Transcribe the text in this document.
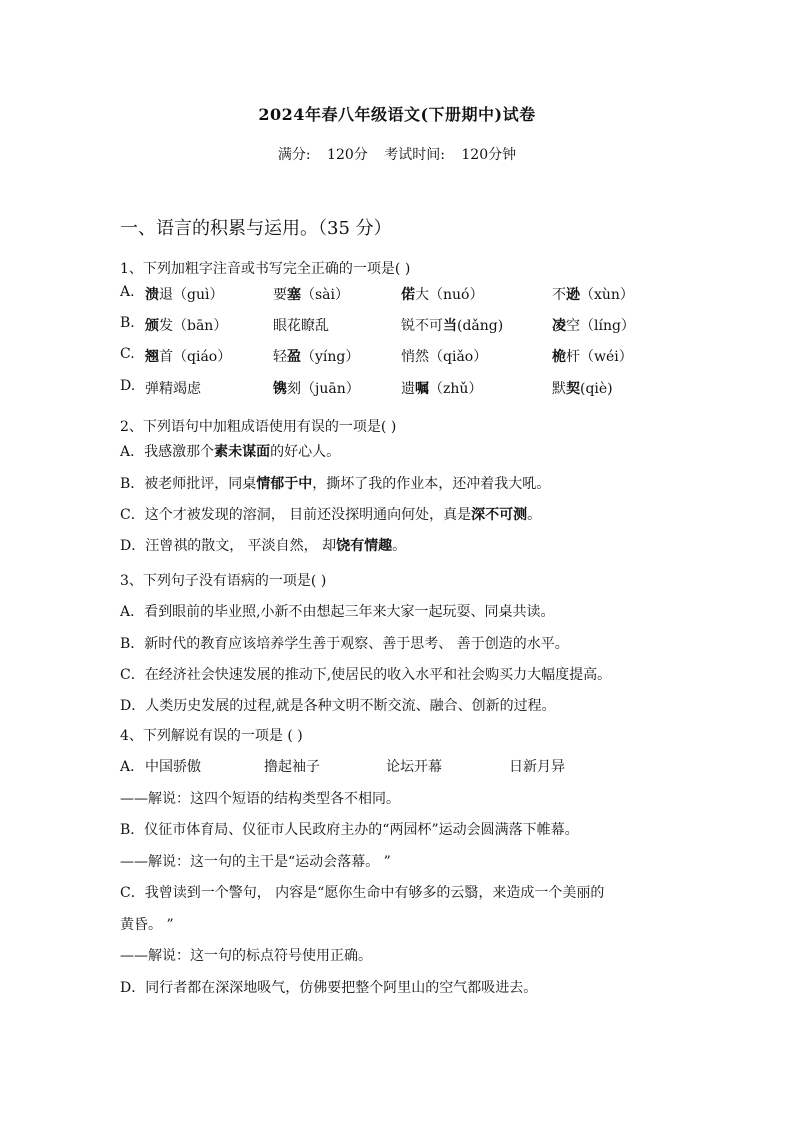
2024年春八年级语文(下册期中)试卷
满分: 120分 考试时间: 120分钟
一、语言的积累与运用。（35 分）
1、下列加粗字注音或书写完全正确的一项是( )
A. 溃退（guì）	要塞（sài）	偌大（nuó）	不逊（xùn）
B. 颁发（bān）	眼花瞭乱	锐不可当(dǎng)	凌空（líng）
C. 翘首（qiáo）	轻盈（yíng）	悄然（qiǎo）	桅杆（wéi）
D. 弹精竭虑	镌刻（juān）	遗嘱（zhǔ）	默契(qiè)
2、下列语句中加粗成语使用有误的一项是( )
A．我感激那个素未谋面的好心人。
B．被老师批评，同桌情郁于中，撕坏了我的作业本，还冲着我大吼。
C．这个才被发现的溶洞， 目前还没探明通向何处，真是深不可测。
D．汪曾祺的散文， 平淡自然， 却饶有情趣。
3、下列句子没有语病的一项是( )
A．看到眼前的毕业照,小新不由想起三年来大家一起玩耍、同桌共读。
B．新时代的教育应该培养学生善于观察、善于思考、 善于创造的水平。
C．在经济社会快速发展的推动下,使居民的收入水平和社会购买力大幅度提高。
D．人类历史发展的过程,就是各种文明不断交流、融合、创新的过程。
4、下列解说有误的一项是 ( )
A． 中国骄傲	撸起袖子	论坛开幕	日新月异
——解说：这四个短语的结构类型各不相同。
B．仪征市体育局、仪征市人民政府主办的“两园杯”运动会圆满落下帷幕。
——解说：这一句的主干是“运动会落幕。 ”
C．我曾读到一个警句， 内容是“愿你生命中有够多的云翳，来造成一个美丽的
黄昏。 ”
——解说：这一句的标点符号使用正确。
D．同行者都在深深地吸气，仿佛要把整个阿里山的空气都吸进去。
